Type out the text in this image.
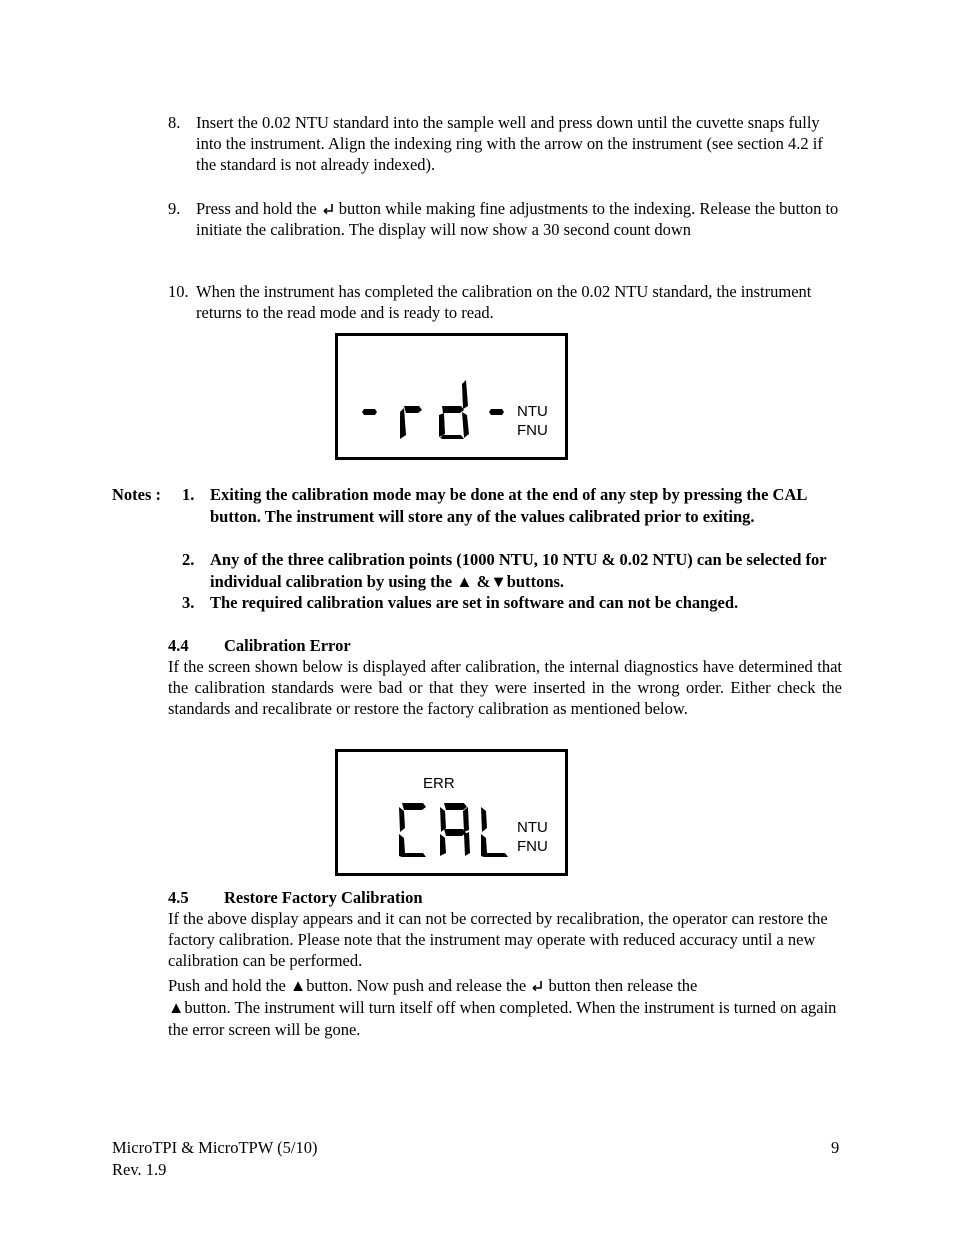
8. Insert the 0.02 NTU standard into the sample well and press down until the cuvette snaps fully into the instrument. Align the indexing ring with the arrow on the instrument (see section 4.2 if the standard is not already indexed).
9. Press and hold the  button while making fine adjustments to the indexing. Release the button to initiate the calibration. The display will now show a 30 second count down
10. When the instrument has completed the calibration on the 0.02 NTU standard, the instrument returns to the read mode and is ready to read.
NTU
FNU
Notes : 1. Exiting the calibration mode may be done at the end of any step by pressing the CAL button. The instrument will store any of the values calibrated prior to exiting.
2. Any of the three calibration points (1000 NTU, 10 NTU & 0.02 NTU) can be selected for individual calibration by using the ▲ &▼buttons.
3. The required calibration values are set in software and can not be changed.
4.4 Calibration Error
If the screen shown below is displayed after calibration, the internal diagnostics have determined that the calibration standards were bad or that they were inserted in the wrong order. Either check the standards and recalibrate or restore the factory calibration as mentioned below.
ERR
NTU
FNU
4.5 Restore Factory Calibration
If the above display appears and it can not be corrected by recalibration, the operator can restore the factory calibration. Please note that the instrument may operate with reduced accuracy until a new calibration can be performed.
Push and hold the ▲button. Now push and release the  button then release the
▲button. The instrument will turn itself off when completed. When the instrument is turned on again the error screen will be gone.
MicroTPI & MicroTPW (5/10)
Rev. 1.9
9
